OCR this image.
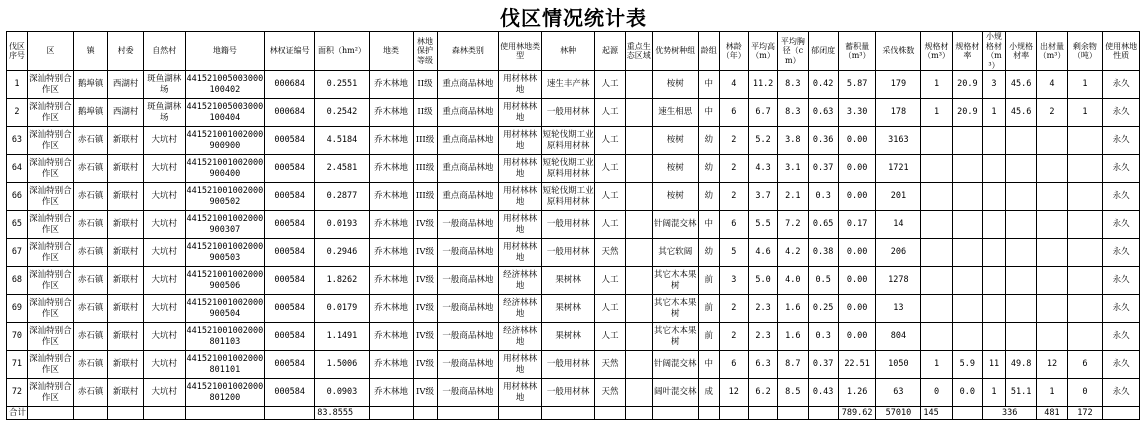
伐区情况统计表
伐区序号	区	镇	村委	自然村	地籍号	林权证编号	面积（hm²）	地类	林地保护等级	森林类别	使用林地类型	林种	起源	重点生态区域	优势树种组	龄组	林龄（年）	平均高（m）	平均胸径（cm）	郁闭度	蓄积量（m³）	采伐株数	规格材（m³）	规格材率	小规格材（m³）	小规格材率	出材量（m³）	剩余物（吨）	使用林地性质
1	深汕特别合作区	鹅埠镇	西湖村	斑鱼湖林场	441521005003000100402	000684	0.2551	乔木林地	II级	重点商品林地	用材林林地	速生丰产林	人工		桉树	中	4	11.2	8.3	0.42	5.87	179	1	20.9	3	45.6	4	1	永久
2	深汕特别合作区	鹅埠镇	西湖村	斑鱼湖林场	441521005003000100404	000684	0.2542	乔木林地	II级	重点商品林地	用材林林地	一般用材林	人工		速生相思	中	6	6.7	8.3	0.63	3.30	178	1	20.9	1	45.6	2	1	永久
63	深汕特别合作区	赤石镇	新联村	大坑村	441521001002000900900	000584	4.5184	乔木林地	III级	重点商品林地	用材林林地	短轮伐期工业原料用材林	人工		桉树	幼	2	5.2	3.8	0.36	0.00	3163							永久
64	深汕特别合作区	赤石镇	新联村	大坑村	441521001002000900400	000584	2.4581	乔木林地	III级	重点商品林地	用材林林地	短轮伐期工业原料用材林	人工		桉树	幼	2	4.3	3.1	0.37	0.00	1721							永久
66	深汕特别合作区	赤石镇	新联村	大坑村	441521001002000900502	000584	0.2877	乔木林地	III级	重点商品林地	用材林林地	短轮伐期工业原料用材林	人工		桉树	幼	2	3.7	2.1	0.3	0.00	201							永久
65	深汕特别合作区	赤石镇	新联村	大坑村	441521001002000900307	000584	0.0193	乔木林地	IV级	一般商品林地	用材林林地	一般用材林	人工		针阔混交林	中	6	5.5	7.2	0.65	0.17	14							永久
67	深汕特别合作区	赤石镇	新联村	大坑村	441521001002000900503	000584	0.2946	乔木林地	IV级	一般商品林地	用材林林地	一般用材林	天然		其它软阔	幼	5	4.6	4.2	0.38	0.00	206							永久
68	深汕特别合作区	赤石镇	新联村	大坑村	441521001002000900506	000584	1.8262	乔木林地	IV级	一般商品林地	经济林林地	果树林	人工		其它木本果树	前	3	5.0	4.0	0.5	0.00	1278							永久
69	深汕特别合作区	赤石镇	新联村	大坑村	441521001002000900504	000584	0.0179	乔木林地	IV级	一般商品林地	经济林林地	果树林	人工		其它木本果树	前	2	2.3	1.6	0.25	0.00	13							永久
70	深汕特别合作区	赤石镇	新联村	大坑村	441521001002000801103	000584	1.1491	乔木林地	IV级	一般商品林地	经济林林地	果树林	人工		其它木本果树	前	2	2.3	1.6	0.3	0.00	804							永久
71	深汕特别合作区	赤石镇	新联村	大坑村	441521001002000801101	000584	1.5006	乔木林地	IV级	一般商品林地	用材林林地	一般用材林	天然		针阔混交林	中	6	6.3	8.7	0.37	22.51	1050	1	5.9	11	49.8	12	6	永久
72	深汕特别合作区	赤石镇	新联村	大坑村	441521001002000801200	000584	0.0903	乔木林地	IV级	一般商品林地	用材林林地	一般用材林	天然		阔叶混交林	成	12	6.2	8.5	0.43	1.26	63	0	0.0	1	51.1	1	0	永久
合计							83.8555														789.62	57010	145		336		481	172	
